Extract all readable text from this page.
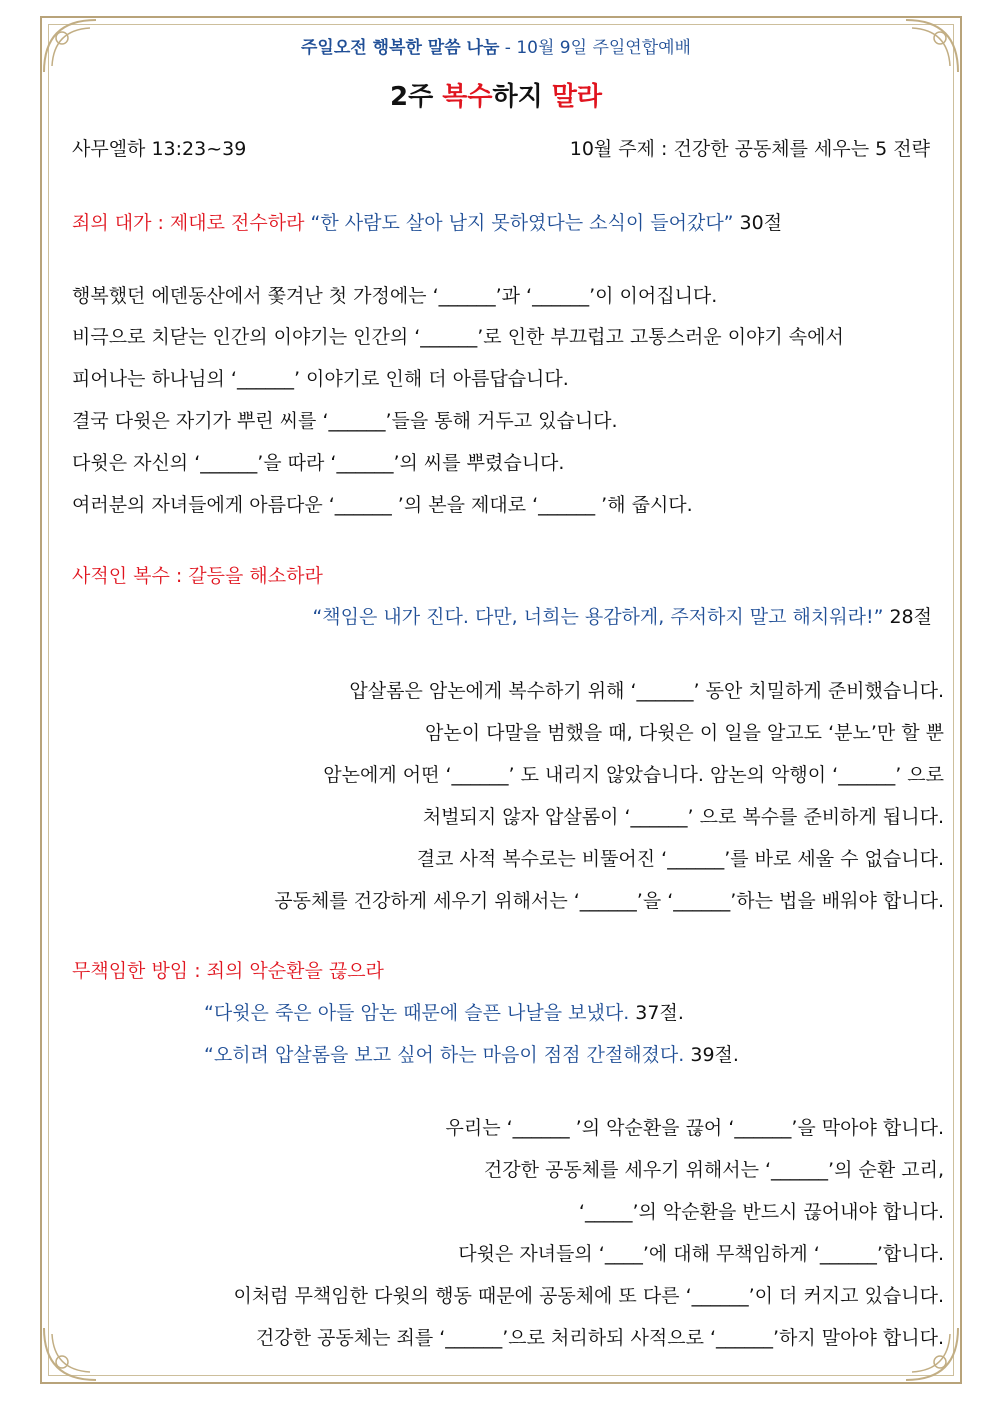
주일오전 행복한 말씀 나눔 - 10월 9일 주일연합예배
2주 복수하지 말라
사무엘하 13:23~39	10월 주제 : 건강한 공동체를 세우는 5 전략
죄의 대가 : 제대로 전수하라 “한 사람도 살아 남지 못하였다는 소식이 들어갔다” 30절
행복했던 에덴동산에서 쫓겨난 첫 가정에는 ‘______’과 ‘______’이 이어집니다.
비극으로 치닫는 인간의 이야기는 인간의 ‘______’로 인한 부끄럽고 고통스러운 이야기 속에서
피어나는 하나님의 ‘______’ 이야기로 인해 더 아름답습니다.
결국 다윗은 자기가 뿌린 씨를 ‘______’들을 통해 거두고 있습니다.
다윗은 자신의 ‘______’을 따라 ‘______’의 씨를 뿌렸습니다.
여러분의 자녀들에게 아름다운 ‘______ ’의 본을 제대로 ‘______ ’해 줍시다.
사적인 복수 : 갈등을 해소하라
“책임은 내가 진다. 다만, 너희는 용감하게, 주저하지 말고 해치워라!” 28절
압살롬은 암논에게 복수하기 위해 ‘______’ 동안 치밀하게 준비했습니다.
암논이 다말을 범했을 때, 다윗은 이 일을 알고도 ‘분노’만 할 뿐
암논에게 어떤 ‘______’ 도 내리지 않았습니다. 암논의 악행이 ‘______’ 으로
처벌되지 않자 압살롬이 ‘______’ 으로 복수를 준비하게 됩니다.
결코 사적 복수로는 비뚤어진 ‘______’를 바로 세울 수 없습니다.
공동체를 건강하게 세우기 위해서는 ‘______’을 ‘______’하는 법을 배워야 합니다.
무책임한 방임 : 죄의 악순환을 끊으라
“다윗은 죽은 아들 암논 때문에 슬픈 나날을 보냈다. 37절.
“오히려 압살롬을 보고 싶어 하는 마음이 점점 간절해졌다. 39절.
우리는 ‘______ ’의 악순환을 끊어 ‘______’을 막아야 합니다.
건강한 공동체를 세우기 위해서는 ‘______’의 순환 고리,
‘_____’의 악순환을 반드시 끊어내야 합니다.
다윗은 자녀들의 ‘____’에 대해 무책임하게 ‘______’합니다.
이처럼 무책임한 다윗의 행동 때문에 공동체에 또 다른 ‘______’이 더 커지고 있습니다.
건강한 공동체는 죄를 ‘______’으로 처리하되 사적으로 ‘______’하지 말아야 합니다.
